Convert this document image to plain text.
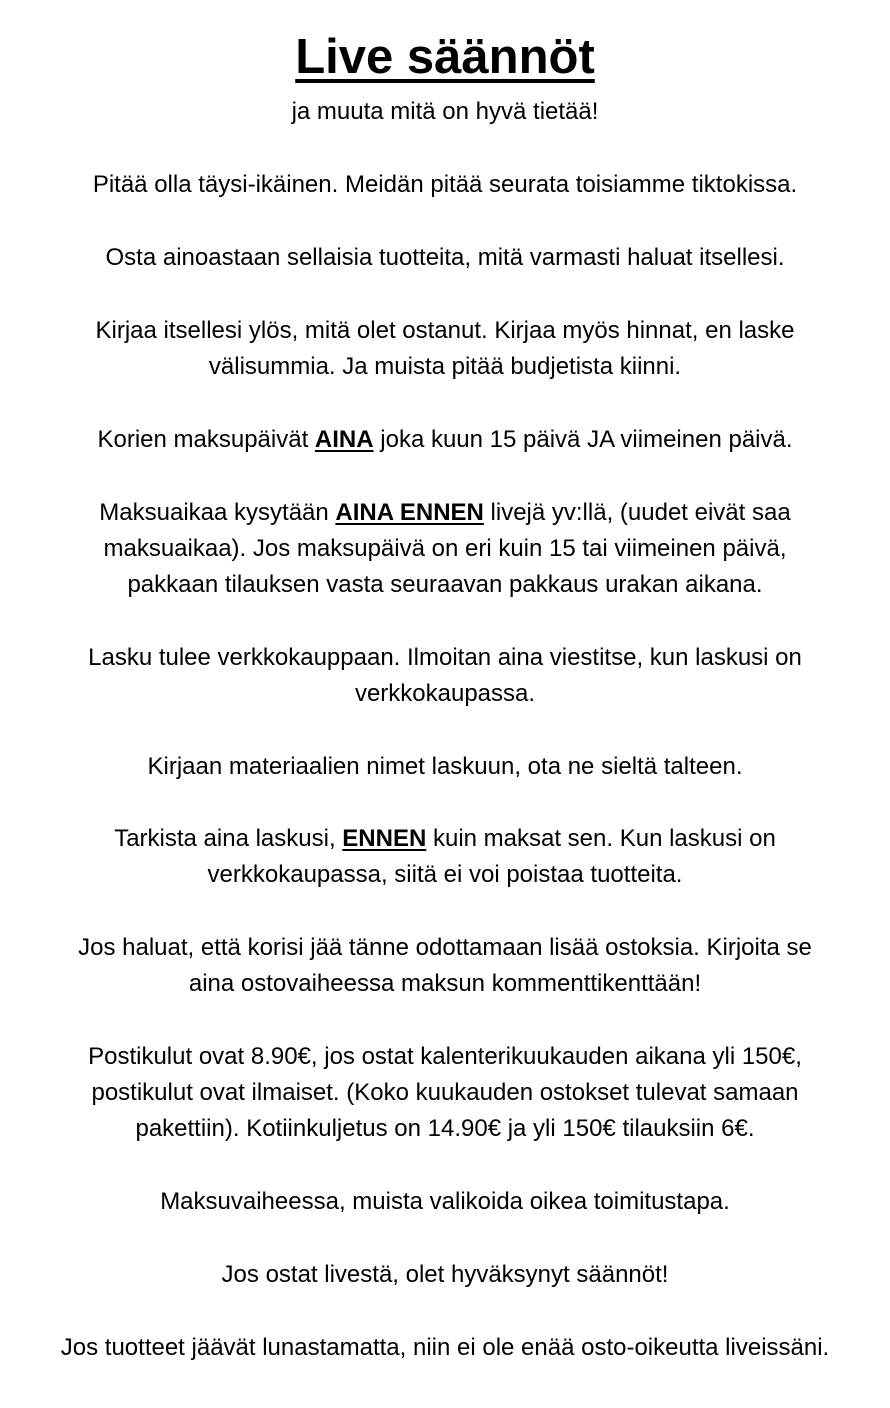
Live säännöt

ja muuta mitä on hyvä tietää!

Pitää olla täysi-ikäinen. Meidän pitää seurata toisiamme tiktokissa.

Osta ainoastaan sellaisia tuotteita, mitä varmasti haluat itsellesi.

Kirjaa itsellesi ylös, mitä olet ostanut. Kirjaa myös hinnat, en laske
välisummia. Ja muista pitää budjetista kiinni.

Korien maksupäivät AINA joka kuun 15 päivä JA viimeinen päivä.

Maksuaikaa kysytään AINA ENNEN livejä yv:llä, (uudet eivät saa
maksuaikaa). Jos maksupäivä on eri kuin 15 tai viimeinen päivä,
pakkaan tilauksen vasta seuraavan pakkaus urakan aikana.

Lasku tulee verkkokauppaan. Ilmoitan aina viestitse, kun laskusi on
verkkokaupassa.

Kirjaan materiaalien nimet laskuun, ota ne sieltä talteen.

Tarkista aina laskusi, ENNEN kuin maksat sen. Kun laskusi on
verkkokaupassa, siitä ei voi poistaa tuotteita.

Jos haluat, että korisi jää tänne odottamaan lisää ostoksia. Kirjoita se
aina ostovaiheessa maksun kommenttikenttään!

Postikulut ovat 8.90€, jos ostat kalenterikuukauden aikana yli 150€,
postikulut ovat ilmaiset. (Koko kuukauden ostokset tulevat samaan
pakettiin). Kotiinkuljetus on 14.90€ ja yli 150€ tilauksiin 6€.

Maksuvaiheessa, muista valikoida oikea toimitustapa.

Jos ostat livestä, olet hyväksynyt säännöt!

Jos tuotteet jäävät lunastamatta, niin ei ole enää osto-oikeutta liveissäni.
